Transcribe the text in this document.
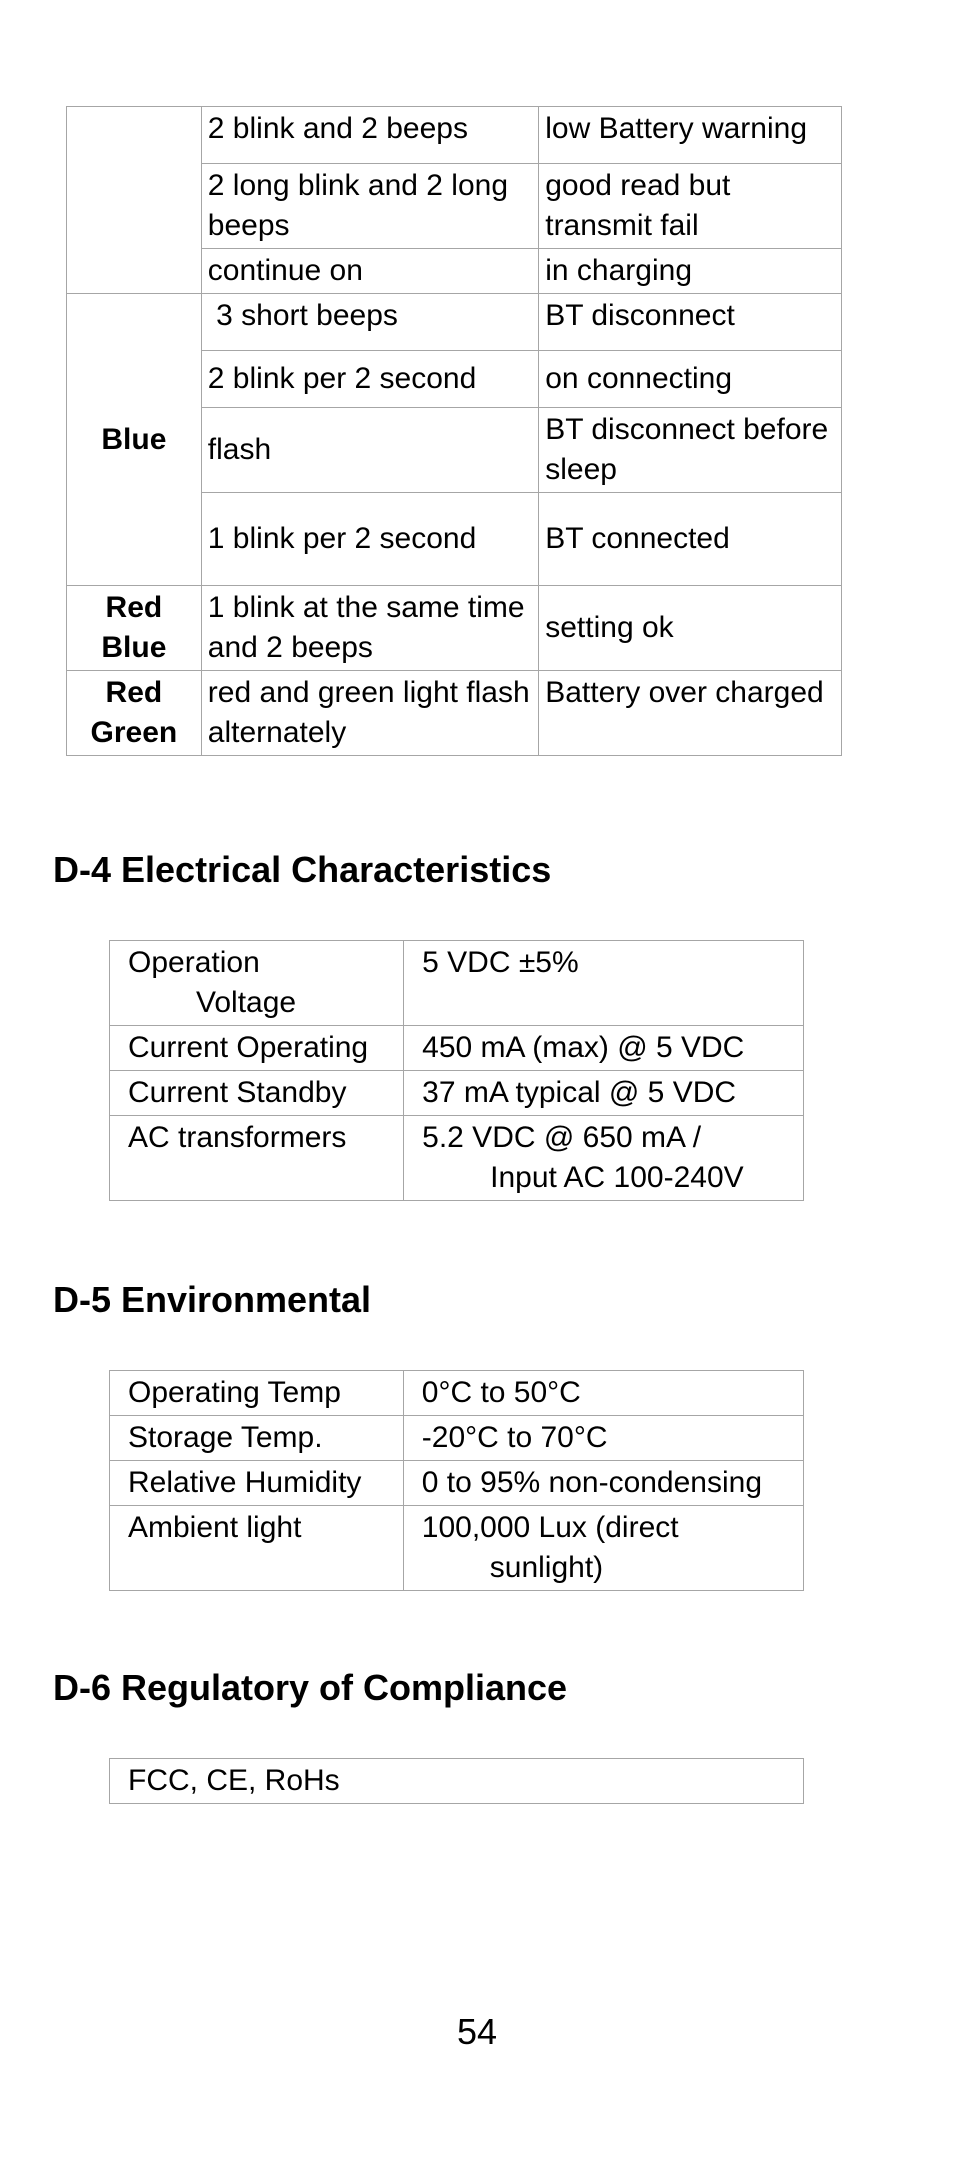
	2 blink and 2 beeps	low Battery warning
	2 long blink and 2 long beeps	good read but transmit fail
	continue on	in charging
Blue	3 short beeps	BT disconnect
	2 blink per 2 second	on connecting
	flash	BT disconnect before sleep
	1 blink per 2 second	BT connected
Red Blue	1 blink at the same time and 2 beeps	setting ok
Red Green	red and green light flash alternately	Battery over charged
D-4 Electrical Characteristics
Operation
Voltage	5 VDC ±5%
Current Operating	450 mA (max) @ 5 VDC
Current Standby	37 mA typical @ 5 VDC
AC transformers	5.2 VDC @ 650 mA /
Input AC 100-240V
D-5 Environmental
Operating Temp	0°C to 50°C
Storage Temp.	-20°C to 70°C
Relative Humidity	0 to 95% non-condensing
Ambient light	100,000 Lux (direct
sunlight)
D-6 Regulatory of Compliance
FCC, CE, RoHs
54
